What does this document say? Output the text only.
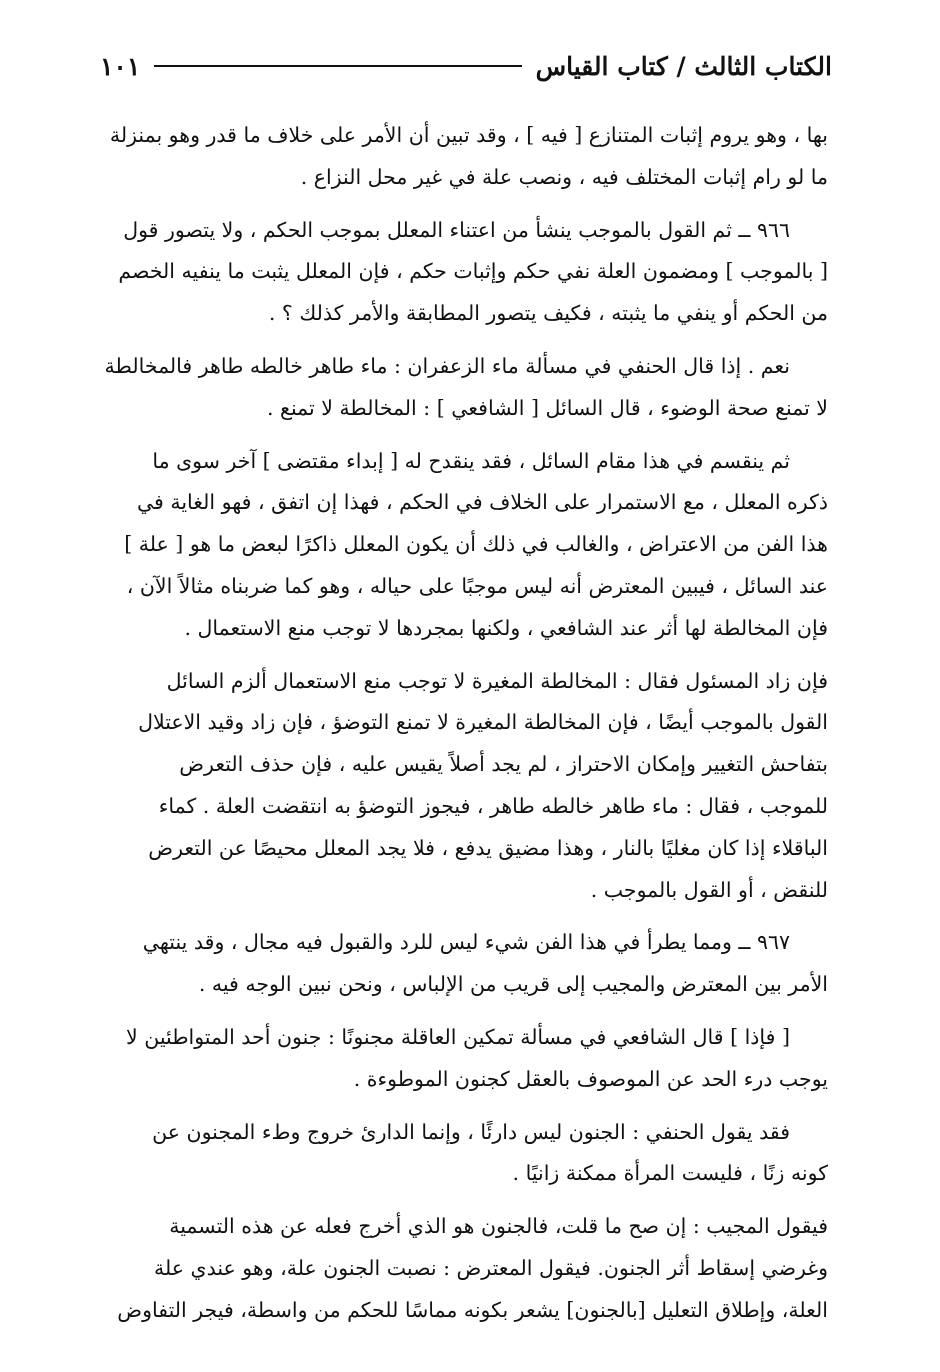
الكتاب الثالث / كتاب القياس
١٠١
بها ، وهو يروم إثبات المتنازع [ فيه ] ، وقد تبين أن الأمر على خلاف ما قدر وهو بمنزلة
ما لو رام إثبات المختلف فيه ، ونصب علة في غير محل النزاع .
٩٦٦ ــ ثم القول بالموجب ينشأ من اعتناء المعلل بموجب الحكم ، ولا يتصور قول
[ بالموجب ] ومضمون العلة نفي حكم وإثبات حكم ، فإن المعلل يثبت ما ينفيه الخصم
من الحكم أو ينفي ما يثبته ، فكيف يتصور المطابقة والأمر كذلك ؟ .
نعم . إذا قال الحنفي في مسألة ماء الزعفران : ماء طاهر خالطه طاهر فالمخالطة
لا تمنع صحة الوضوء ، قال السائل [ الشافعي ] : المخالطة لا تمنع .
ثم ينقسم في هذا مقام السائل ، فقد ينقدح له [ إبداء مقتضى ] آخر سوى ما
ذكره المعلل ، مع الاستمرار على الخلاف في الحكم ، فهذا إن اتفق ، فهو الغاية في
هذا الفن من الاعتراض ، والغالب في ذلك أن يكون المعلل ذاكرًا لبعض ما هو [ علة ]
عند السائل ، فيبين المعترض أنه ليس موجبًا على حياله ، وهو كما ضربناه مثالاً الآن ،
فإن المخالطة لها أثر عند الشافعي ، ولكنها بمجردها لا توجب منع الاستعمال .
فإن زاد المسئول فقال : المخالطة المغيرة لا توجب منع الاستعمال ألزم السائل
القول بالموجب أيضًا ، فإن المخالطة المغيرة لا تمنع التوضؤ ، فإن زاد وقيد الاعتلال
بتفاحش التغيير وإمكان الاحتراز ، لم يجد أصلاً يقيس عليه ، فإن حذف التعرض
للموجب ، فقال : ماء طاهر خالطه طاهر ، فيجوز التوضؤ به انتقضت العلة . كماء
الباقلاء إذا كان مغليًا بالنار ، وهذا مضيق يدفع ، فلا يجد المعلل محيصًا عن التعرض
للنقض ، أو القول بالموجب .
٩٦٧ ــ ومما يطرأ في هذا الفن شيء ليس للرد والقبول فيه مجال ، وقد ينتهي
الأمر بين المعترض والمجيب إلى قريب من الإلباس ، ونحن نبين الوجه فيه .
[ فإذا ] قال الشافعي في مسألة تمكين العاقلة مجنونًا : جنون أحد المتواطئين لا
يوجب درء الحد عن الموصوف بالعقل كجنون الموطوءة .
فقد يقول الحنفي : الجنون ليس دارئًا ، وإنما الدارئ خروج وطء المجنون عن
كونه زنًا ، فليست المرأة ممكنة زانيًا .
فيقول المجيب : إن صح ما قلت، فالجنون هو الذي أخرج فعله عن هذه التسمية
وغرضي إسقاط أثر الجنون. فيقول المعترض : نصبت الجنون علة، وهو عندي علة
العلة، وإطلاق التعليل [بالجنون] يشعر بكونه مماسًا للحكم من واسطة، فيجر التفاوض
